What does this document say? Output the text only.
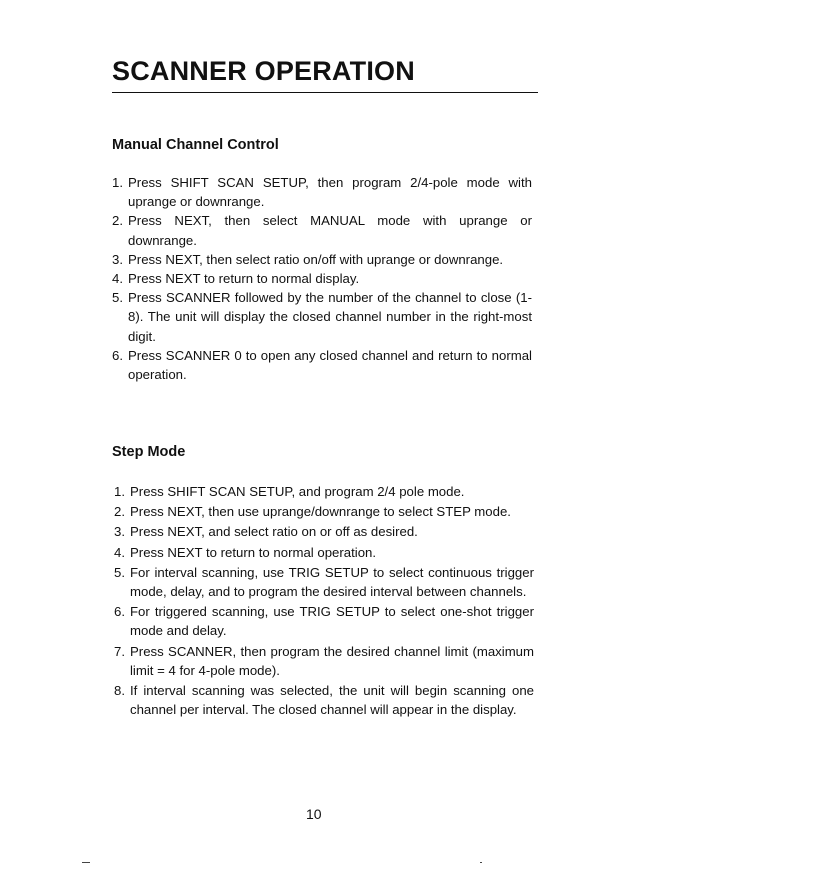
SCANNER OPERATION
Manual Channel Control
1. Press SHIFT SCAN SETUP, then program 2/4-pole mode with uprange or downrange.
2. Press NEXT, then select MANUAL mode with uprange or downrange.
3. Press NEXT, then select ratio on/off with uprange or downrange.
4. Press NEXT to return to normal display.
5. Press SCANNER followed by the number of the channel to close (1-8). The unit will display the closed channel number in the right-most digit.
6. Press SCANNER 0 to open any closed channel and return to normal operation.
Step Mode
1. Press SHIFT SCAN SETUP, and program 2/4 pole mode.
2. Press NEXT, then use uprange/downrange to select STEP mode.
3. Press NEXT, and select ratio on or off as desired.
4. Press NEXT to return to normal operation.
5. For interval scanning, use TRIG SETUP to select continuous trigger mode, delay, and to program the desired interval between channels.
6. For triggered scanning, use TRIG SETUP to select one-shot trigger mode and delay.
7. Press SCANNER, then program the desired channel limit (maximum limit = 4 for 4-pole mode).
8. If interval scanning was selected, the unit will begin scanning one channel per interval. The closed channel will appear in the display.
10
